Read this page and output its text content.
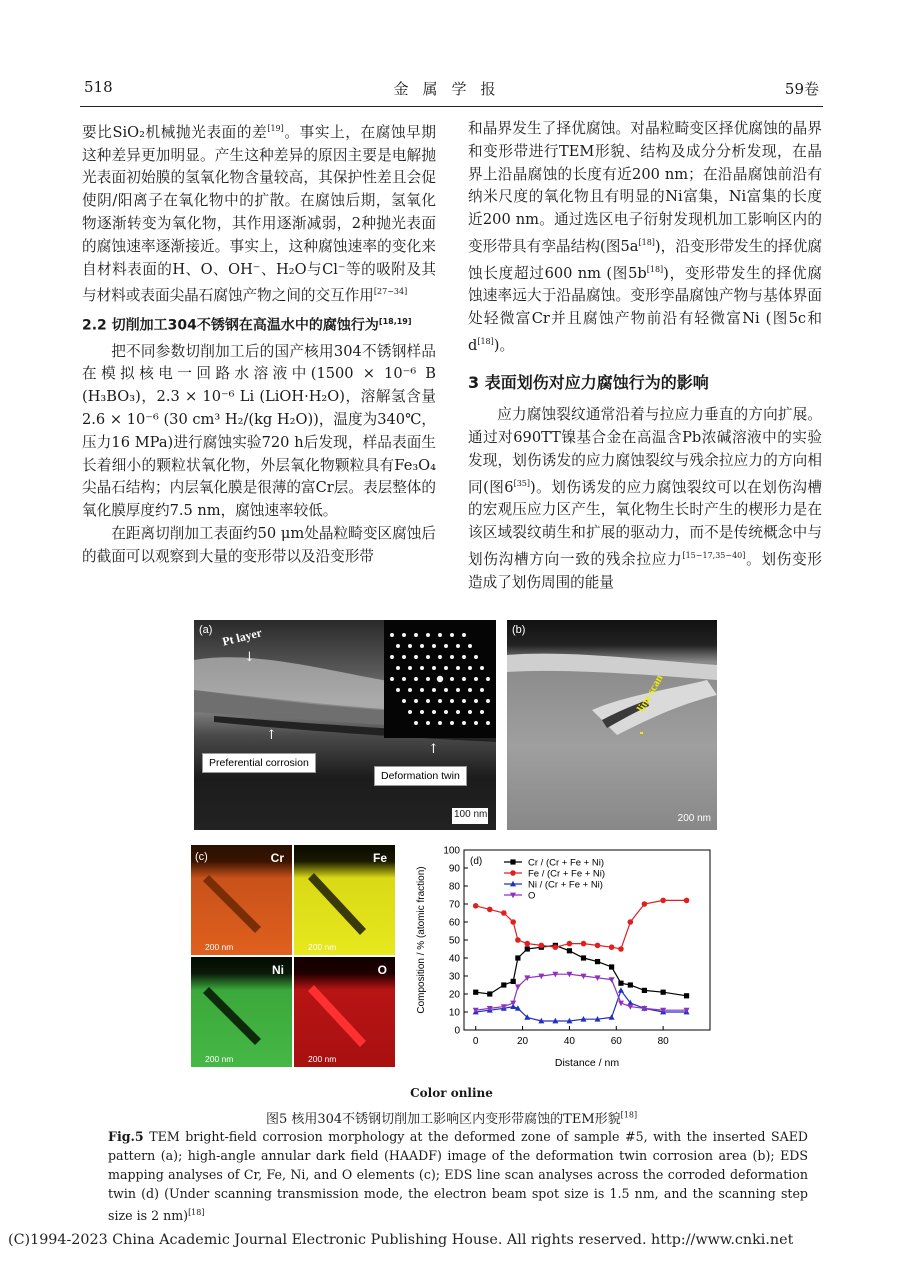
518	金属学报	59卷

要比SiO₂机械抛光表面的差[19]。事实上，在腐蚀早期这种差异更加明显。产生这种差异的原因主要是电解抛光表面初始膜的氢氧化物含量较高，其保护性差且会促使阴/阳离子在氧化物中的扩散。在腐蚀后期，氢氧化物逐渐转变为氧化物，其作用逐渐减弱，2种抛光表面的腐蚀速率逐渐接近。事实上，这种腐蚀速率的变化来自材料表面的H、O、OH⁻、H₂O与Cl⁻等的吸附及其与材料或表面尖晶石腐蚀产物之间的交互作用[27~34]

2.2 切削加工304不锈钢在高温水中的腐蚀行为[18,19]

把不同参数切削加工后的国产核用304不锈钢样品在模拟核电一回路水溶液中(1500 × 10⁻⁶ B (H₃BO₃)，2.3 × 10⁻⁶ Li (LiOH·H₂O)，溶解氢含量2.6 × 10⁻⁶ (30 cm³ H₂/(kg H₂O))，温度为340℃，压力16 MPa)进行腐蚀实验720 h后发现，样品表面生长着细小的颗粒状氧化物，外层氧化物颗粒具有Fe₃O₄尖晶石结构；内层氧化膜是很薄的富Cr层。表层整体的氧化膜厚度约7.5 nm，腐蚀速率较低。

在距离切削加工表面约50 μm处晶粒畸变区腐蚀后的截面可以观察到大量的变形带以及沿变形带

和晶界发生了择优腐蚀。对晶粒畸变区择优腐蚀的晶界和变形带进行TEM形貌、结构及成分分析发现，在晶界上沿晶腐蚀的长度有近200 nm；在沿晶腐蚀前沿有纳米尺度的氧化物且有明显的Ni富集，Ni富集的长度近200 nm。通过选区电子衍射发现机加工影响区内的变形带具有孪晶结构(图5a[18])，沿变形带发生的择优腐蚀长度超过600 nm (图5b[18])，变形带发生的择优腐蚀速率远大于沿晶腐蚀。变形孪晶腐蚀产物与基体界面处轻微富Cr并且腐蚀产物前沿有轻微富Ni (图5c和d[18])。

3 表面划伤对应力腐蚀行为的影响

应力腐蚀裂纹通常沿着与拉应力垂直的方向扩展。通过对690TT镍基合金在高温含Pb浓碱溶液中的实验发现，划伤诱发的应力腐蚀裂纹与残余拉应力的方向相同(图6[35])。划伤诱发的应力腐蚀裂纹可以在划伤沟槽的宏观压应力区产生，氧化物生长时产生的楔形力是在该区域裂纹萌生和扩展的驱动力，而不是传统概念中与划伤沟槽方向一致的残余拉应力[15~17,35~40]。划伤变形造成了划伤周围的能量

(a) Pt layer
↓
↑
Preferential corrosion
↑
Deformation twin
100 nm
(b)
line scan
200 nm
(c)	Cr
200 nm
Fe
200 nm
Ni
200 nm
O
200 nm
0
10
20
30
40
50
60
70
80
90
100
0	20	40	60	80
Distance / nm
Composition / % (atomic fraction)
(d)	Cr / (Cr + Fe + Ni)
Fe / (Cr + Fe + Ni)
Ni / (Cr + Fe + Ni)
O
Color online
图5 核用304不锈钢切削加工影响区内变形带腐蚀的TEM形貌[18]
Fig.5 TEM bright-field corrosion morphology at the deformed zone of sample #5, with the inserted SAED pattern (a); high-angle annular dark field (HAADF) image of the deformation twin corrosion area (b); EDS mapping analyses of Cr, Fe, Ni, and O elements (c); EDS line scan analyses across the corroded deformation twin (d) (Under scanning transmission mode, the electron beam spot size is 1.5 nm, and the scanning step size is 2 nm)[18]
(C)1994-2023 China Academic Journal Electronic Publishing House. All rights reserved. http://www.cnki.net
